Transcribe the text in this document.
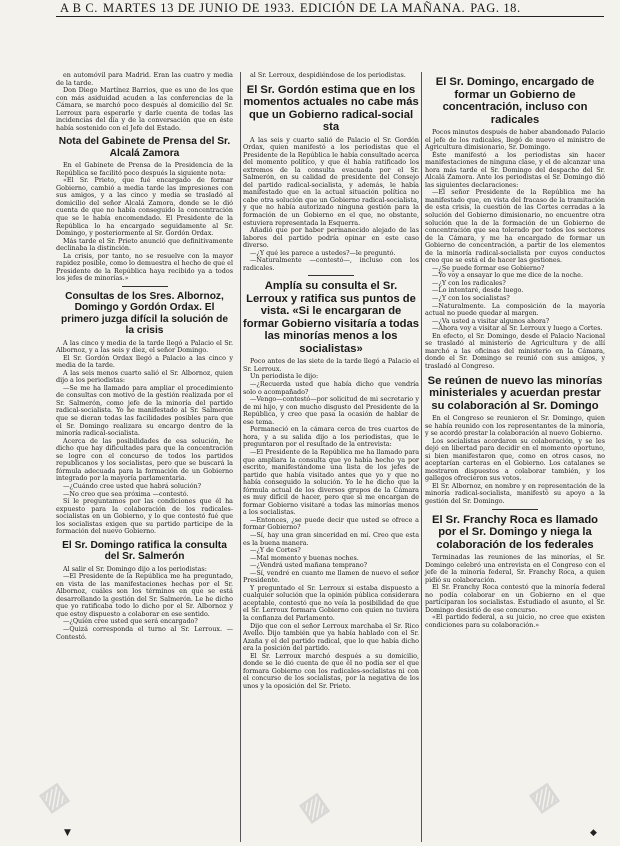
A B C. MARTES 13 DE JUNIO DE 1933. EDICIÓN DE LA MAÑANA. PAG. 18.

en automóvil para Madrid. Eran las cuatro y media de la tarde.

Don Diego Martínez Barrios, que es uno de los que con más asiduidad acuden a las conferencias de la Cámara, se marchó poco después al domicilio del Sr. Lerroux para esperarle y darle cuenta de todas las incidencias del día y de la conversación que en éste había sostenido con el Jefe del Estado.

Nota del Gabinete de Prensa del Sr. Alcalá Zamora

En el Gabinete de Prensa de la Presidencia de la República se facilitó poco después la siguiente nota:

«El Sr. Prieto, que fué encargado de formar Gobierno, cambió a media tarde las impresiones con sus amigos, y a las cinco y media se trasladó al domicilio del señor Alcalá Zamora, donde se le dió cuenta de que no había conseguido la concentración que se le había encomendado. El Presidente de la República lo ha encargado seguidamente al Sr. Domingo, y posteriormente al Sr. Gordón Ordax.

Más tarde el Sr. Prieto anunció que definitivamente declinaba la distinción.

La crisis, por tanto, no se resuelve con la mayor rapidez posible, como lo demuestra el hecho de que el Presidente de la República haya recibido ya a todos los jefes de minorías.»

Consultas de los Sres. Albornoz, Domingo y Gordón Ordax. El primero juzga difícil la solución de la crisis

A las cinco y media de la tarde llegó a Palacio el Sr. Albornoz, y a las seis y diez, el señor Domingo.

El Sr. Gordón Ordax llegó a Palacio a las cinco y media de la tarde.

A las seis menos cuarto salió el Sr. Albornoz, quien dijo a los periodistas:

—Se me ha llamado para ampliar el procedimiento de consultas con motivo de la gestión realizada por el Sr. Salmerón, como jefe de la minoría del partido radical-socialista. Yo he manifestado al Sr. Salmerón que se dieran todas las facilidades posibles para que el Sr. Domingo realizara su encargo dentro de la minoría radical-socialista.

Acerca de las posibilidades de esa solución, he dicho que hay dificultades para que la concentración se logre con el concurso de todos los partidos republicanos y los socialistas, pero que se buscará la fórmula adecuada para la formación de un Gobierno integrado por la mayoría parlamentaria.

—¿Cuándo cree usted que habrá solución?

—No creo que sea próxima —contestó.

Sí le preguntamos por las condiciones que él ha expuesto para la colaboración de los radicales-socialistas en un Gobierno, y lo que contestó fué que los socialistas exigen que su partido participe de la formación del nuevo Gobierno.

El Sr. Domingo ratifica la consulta del Sr. Salmerón

Al salir el Sr. Domingo dijo a los periodistas:

—El Presidente de la República me ha preguntado, en vista de las manifestaciones hechas por el Sr. Albornoz, cuáles son los términos en que se está desarrollando la gestión del Sr. Salmerón. Le he dicho que yo ratificaba todo lo dicho por el Sr. Albornoz y que estoy dispuesto a colaborar en ese sentido.

—¿Quién cree usted que será encargado?

—Quizá corresponda el turno al Sr. Lerroux. —Contestó.

al Sr. Lerroux, despidiéndose de los periodistas.

El Sr. Gordón estima que en los momentos actuales no cabe más que un Gobierno radical-social sta

A las seis y cuarto salió de Palacio el Sr. Gordón Ordax, quien manifestó a los periodistas que el Presidente de la República le había consultado acerca del momento político, y que él había ratificado los extremos de la consulta evacuada por el Sr. Salmerón, en su calidad de presidente del Consejo del partido radical-socialista, y además, le había manifestado que en la actual situación política no cabe otra solución que un Gobierno radical-socialista, y que no había autorizado ninguna gestión para la formación de un Gobierno en el que, no obstante, estuviera representada la Esquerra.

Añadió que por haber permanecido alejado de las labores del partido podría opinar en este caso diverso.

—¿Y qué les parece a ustedes?—le preguntó.

—Naturalmente —contestó—, incluso con los radicales.

Amplía su consulta el Sr. Lerroux y ratifica sus puntos de vista. «Si le encargaran de formar Gobierno visitaría a todas las minorías menos a los socialistas»

Poco antes de las siete de la tarde llegó a Palacio el Sr. Lerroux.

Un periodista le dijo:

—¿Recuerda usted que había dicho que vendría solo o acompañado?

—Vengo—contestó—por solicitud de mi secretario y de mi hijo, y con mucho disgusto del Presidente de la República, y creo que pasa la ocasión de hablar de ese tema.

Permaneció en la cámara cerca de tres cuartos de hora, y a su salida dijo a los periodistas, que le preguntaron por el resultado de la entrevista:

—El Presidente de la República me ha llamado para que ampliara la consulta que yo había hecho ya por escrito, manifestándome una lista de los jefes de partido que había visitado antes que yo y que no había conseguido la solución. Yo le he dicho que la fórmula actual de los diversos grupos de la Cámara es muy difícil de hacer, pero que si me encargan de formar Gobierno visitaré a todas las minorías menos a los socialistas.

—Entonces, ¿se puede decir que usted se ofrece a formar Gobierno?

—Sí, hay una gran sinceridad en mí. Creo que esta es la buena manera.

—¿Y de Cortes?

—Mal momento y buenas noches.

—¿Vendrá usted mañana temprano?

—Sí, vendré en cuanto me llamen de nuevo el señor Presidente.

Y preguntado el Sr. Lerroux si estaba dispuesto a cualquier solución que la opinión pública considerara aceptable, contestó que no veía la posibilidad de que el Sr. Lerroux formara Gobierno con quien no tuviera la confianza del Parlamento.

Dijo que con el señor Lerroux marchaba el Sr. Rico Avello. Dijo también que ya había hablado con el Sr. Azaña y el del partido radical, que lo que había dicho era la posición del partido.

El Sr. Lerroux marchó después a su domicilio, donde se le dió cuenta de que él no podía ser el que formara Gobierno con los radicales-socialistas ni con el concurso de los socialistas, por la negativa de los unos y la oposición del Sr. Prieto.

El Sr. Domingo, encargado de formar un Gobierno de concentración, incluso con radicales

Pocos minutos después de haber abandonado Palacio el jefe de los radicales, llegó de nuevo el ministro de Agricultura dimisionario, Sr. Domingo.

Éste manifestó a los periodistas sin hacer manifestaciones de ninguna clase, y el de alcanzar una hora más tarde el Sr. Domingo del despacho del Sr. Alcalá Zamora. Ante los periodistas el Sr. Domingo dió las siguientes declaraciones:

—El señor Presidente de la República me ha manifestado que, en vista del fracaso de la tramitación de esta crisis, la cuestión de las Cortes cerradas a la solución del Gobierno dimisionario, no encuentre otra solución que la de la formación de un Gobierno de concentración que sea tolerado por todos los sectores de la Cámara, y me ha encargado de formar un Gobierno de concentración, a partir de los elementos de la minoría radical-socialista por cuyos conductos creo que se está el de hacer las gestiones.

—¿Se puede formar ese Gobierno?

—Yo voy a ensayar lo que me dice de la noche.

—¿Y con los radicales?

—Lo intentaré, desde luego.

—¿Y con los socialistas?

—Naturalmente. La composición de la mayoría actual no puede quedar al margen.

—¿Va usted a visitar algunos ahora?

—Ahora voy a visitar al Sr. Lerroux y luego a Cortes.

En efecto, el Sr. Domingo, desde el Palacio Nacional se trasladó al ministerio de Agricultura y de allí marchó a las oficinas del ministerio en la Cámara, donde el Sr. Domingo se reunió con sus amigos, y trasladó al Congreso.

Se reúnen de nuevo las minorías ministeriales y acuerdan prestar su colaboración al Sr. Domingo

En el Congreso se reunieron el Sr. Domingo, quien se había reunido con los representantes de la minoría, y se acordó prestar la colaboración al nuevo Gobierno.

Los socialistas acordaron su colaboración, y se les dejó en libertad para decidir en el momento oportuno, si bien manifestaron que, como en otros casos, no aceptarían carteras en el Gobierno. Los catalanes se mostraron dispuestos a colaborar también, y los gallegos ofrecieron sus votos.

El Sr. Albornoz, en nombre y en representación de la minoría radical-socialista, manifestó su apoyo a la gestión del Sr. Domingo.

El Sr. Franchy Roca es llamado por el Sr. Domingo y niega la colaboración de los federales

Terminadas las reuniones de las minorías, el Sr. Domingo celebró una entrevista en el Congreso con el jefe de la minoría federal, Sr. Franchy Roca, a quien pidió su colaboración.

El Sr. Franchy Roca contestó que la minoría federal no podía colaborar en un Gobierno en el que participaran los socialistas. Estudiado el asunto, el Sr. Domingo desistió de ese concurso.

«El partido federal, a su juicio, no cree que existen condiciones para su colaboración.»

▼	◆
▨	▨	▨
